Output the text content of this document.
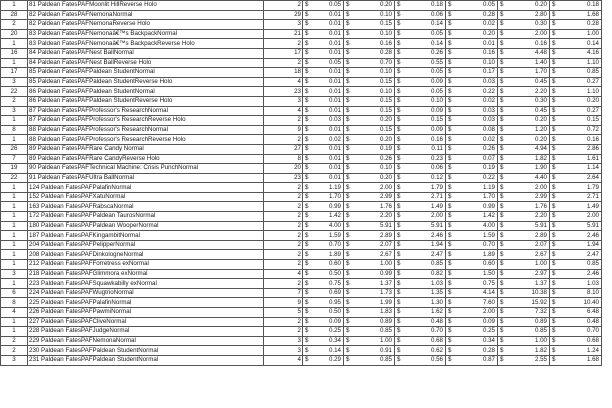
1	81 Paldean FatesPAFMoonlit HillReverse Holo	2	$	0.05	$	0.20	$	0.18	$	0.05	$	0.20	$	0.18
28	82 Paldean FatesPAFNemonaNormal	29	$	0.01	$	0.10	$	0.06	$	0.28	$	2.80	$	1.68
2	82 Paldean FatesPAFNemonaReverse Holo	3	$	0.01	$	0.15	$	0.14	$	0.02	$	0.30	$	0.28
20	83 Paldean FatesPAFNemonaâ€™s BackpackNormal	21	$	0.01	$	0.10	$	0.05	$	0.20	$	2.00	$	1.00
1	83 Paldean FatesPAFNemonaâ€™s BackpackReverse Holo	2	$	0.01	$	0.16	$	0.14	$	0.01	$	0.16	$	0.14
16	84 Paldean FatesPAFNest BallNormal	17	$	0.01	$	0.28	$	0.26	$	0.16	$	4.48	$	4.16
1	84 Paldean FatesPAFNest BallReverse Holo	2	$	0.05	$	0.70	$	0.55	$	0.10	$	1.40	$	1.10
17	85 Paldean FatesPAFPaldean StudentNormal	18	$	0.01	$	0.10	$	0.05	$	0.17	$	1.70	$	0.85
3	85 Paldean FatesPAFPaldean StudentReverse Holo	4	$	0.01	$	0.15	$	0.09	$	0.03	$	0.45	$	0.27
22	86 Paldean FatesPAFPaldean StudentNormal	23	$	0.01	$	0.10	$	0.05	$	0.22	$	2.20	$	1.10
2	86 Paldean FatesPAFPaldean StudentReverse Holo	3	$	0.01	$	0.15	$	0.10	$	0.02	$	0.30	$	0.20
3	87 Paldean FatesPAFProfessor's ResearchNormal	4	$	0.01	$	0.15	$	0.09	$	0.03	$	0.45	$	0.27
1	87 Paldean FatesPAFProfessor's ResearchReverse Holo	2	$	0.03	$	0.20	$	0.15	$	0.03	$	0.20	$	0.15
8	88 Paldean FatesPAFProfessor's ResearchNormal	9	$	0.01	$	0.15	$	0.09	$	0.08	$	1.20	$	0.72
1	88 Paldean FatesPAFProfessor's ResearchReverse Holo	2	$	0.02	$	0.20	$	0.16	$	0.02	$	0.20	$	0.16
26	89 Paldean FatesPAFRare Candy Normal	27	$	0.01	$	0.19	$	0.11	$	0.26	$	4.94	$	2.86
7	89 Paldean FatesPAFRare CandyReverse Holo	8	$	0.01	$	0.26	$	0.23	$	0.07	$	1.82	$	1.61
19	90 Paldean FatesPAFTechnical Machine: Crisis PunchNormal	20	$	0.01	$	0.10	$	0.06	$	0.19	$	1.90	$	1.14
22	91 Paldean FatesPAFUltra BallNormal	23	$	0.01	$	0.20	$	0.12	$	0.22	$	4.40	$	2.64
1	124 Paldean FatesPAFPalafinNormal	2	$	1.19	$	2.00	$	1.79	$	1.19	$	2.00	$	1.79
1	152 Paldean FatesPAFXatuNormal	2	$	1.70	$	2.99	$	2.71	$	1.70	$	2.99	$	2.71
1	163 Paldean FatesPAFRabscaNormal	2	$	0.99	$	1.76	$	1.49	$	0.99	$	1.76	$	1.49
1	172 Paldean FatesPAFPaldean TaurosNormal	2	$	1.42	$	2.20	$	2.00	$	1.42	$	2.20	$	2.00
1	180 Paldean FatesPAFPaldean WooperNormal	2	$	4.00	$	5.91	$	5.91	$	4.00	$	5.91	$	5.91
1	187 Paldean FatesPAFKingambitNormal	2	$	1.59	$	2.89	$	2.46	$	1.59	$	2.89	$	2.46
1	204 Paldean FatesPAFPelipperNormal	2	$	0.70	$	2.07	$	1.94	$	0.70	$	2.07	$	1.94
1	208 Paldean FatesPAFDinkologneNormal	2	$	1.89	$	2.67	$	2.47	$	1.89	$	2.67	$	2.47
1	212 Paldean FatesPAFForretress exNormal	2	$	0.60	$	1.00	$	0.85	$	0.60	$	1.00	$	0.85
3	218 Paldean FatesPAFGlimmora exNormal	4	$	0.50	$	0.99	$	0.82	$	1.50	$	2.97	$	2.46
1	223 Paldean FatesPAFSquawkabilly exNormal	2	$	0.75	$	1.37	$	1.03	$	0.75	$	1.37	$	1.03
6	224 Paldean FatesPAFWugtrioNormal	7	$	0.69	$	1.73	$	1.35	$	4.14	$	10.38	$	8.10
8	225 Paldean FatesPAFPalafinNormal	9	$	0.95	$	1.99	$	1.30	$	7.60	$	15.92	$	10.40
4	226 Paldean FatesPAFPawmiNormal	5	$	0.50	$	1.83	$	1.62	$	2.00	$	7.32	$	6.48
1	227 Paldean FatesPAFCliveNormal	2	$	0.09	$	0.89	$	0.48	$	0.09	$	0.89	$	0.48
1	228 Paldean FatesPAFJudgeNormal	2	$	0.25	$	0.85	$	0.70	$	0.25	$	0.85	$	0.70
2	229 Paldean FatesPAFNemonaNormal	3	$	0.34	$	1.00	$	0.68	$	0.34	$	1.00	$	0.68
2	230 Paldean FatesPAFPaldean StudentNormal	3	$	0.14	$	0.91	$	0.62	$	0.28	$	1.82	$	1.24
3	231 Paldean FatesPAFPaldean StudentNormal	4	$	0.29	$	0.85	$	0.56	$	0.87	$	2.55	$	1.68
